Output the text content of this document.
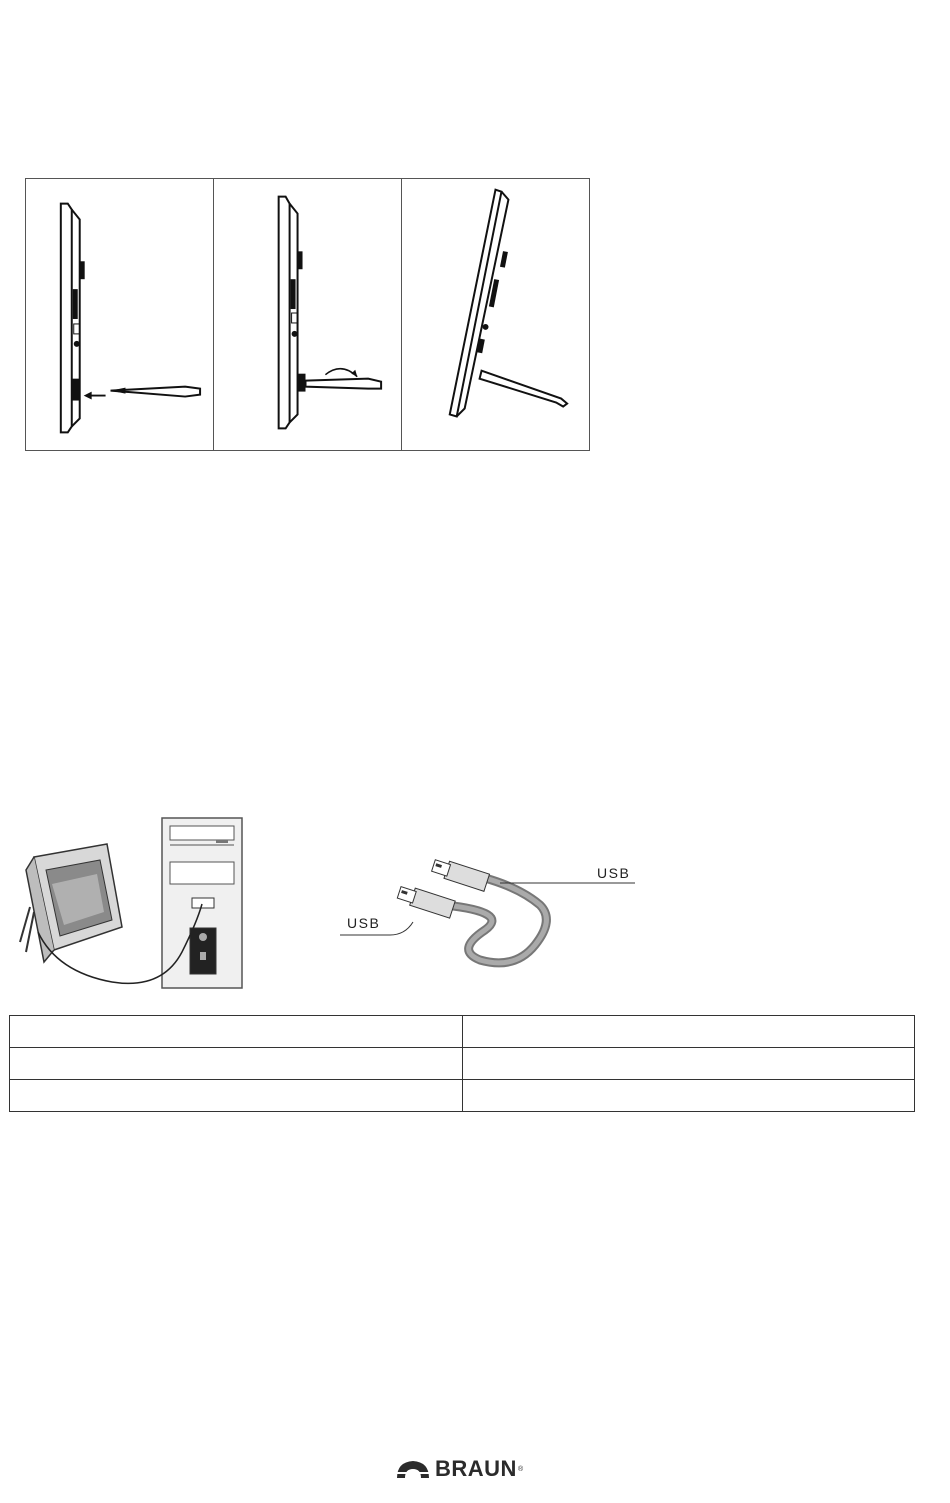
USB
USB

BRAUN ®
